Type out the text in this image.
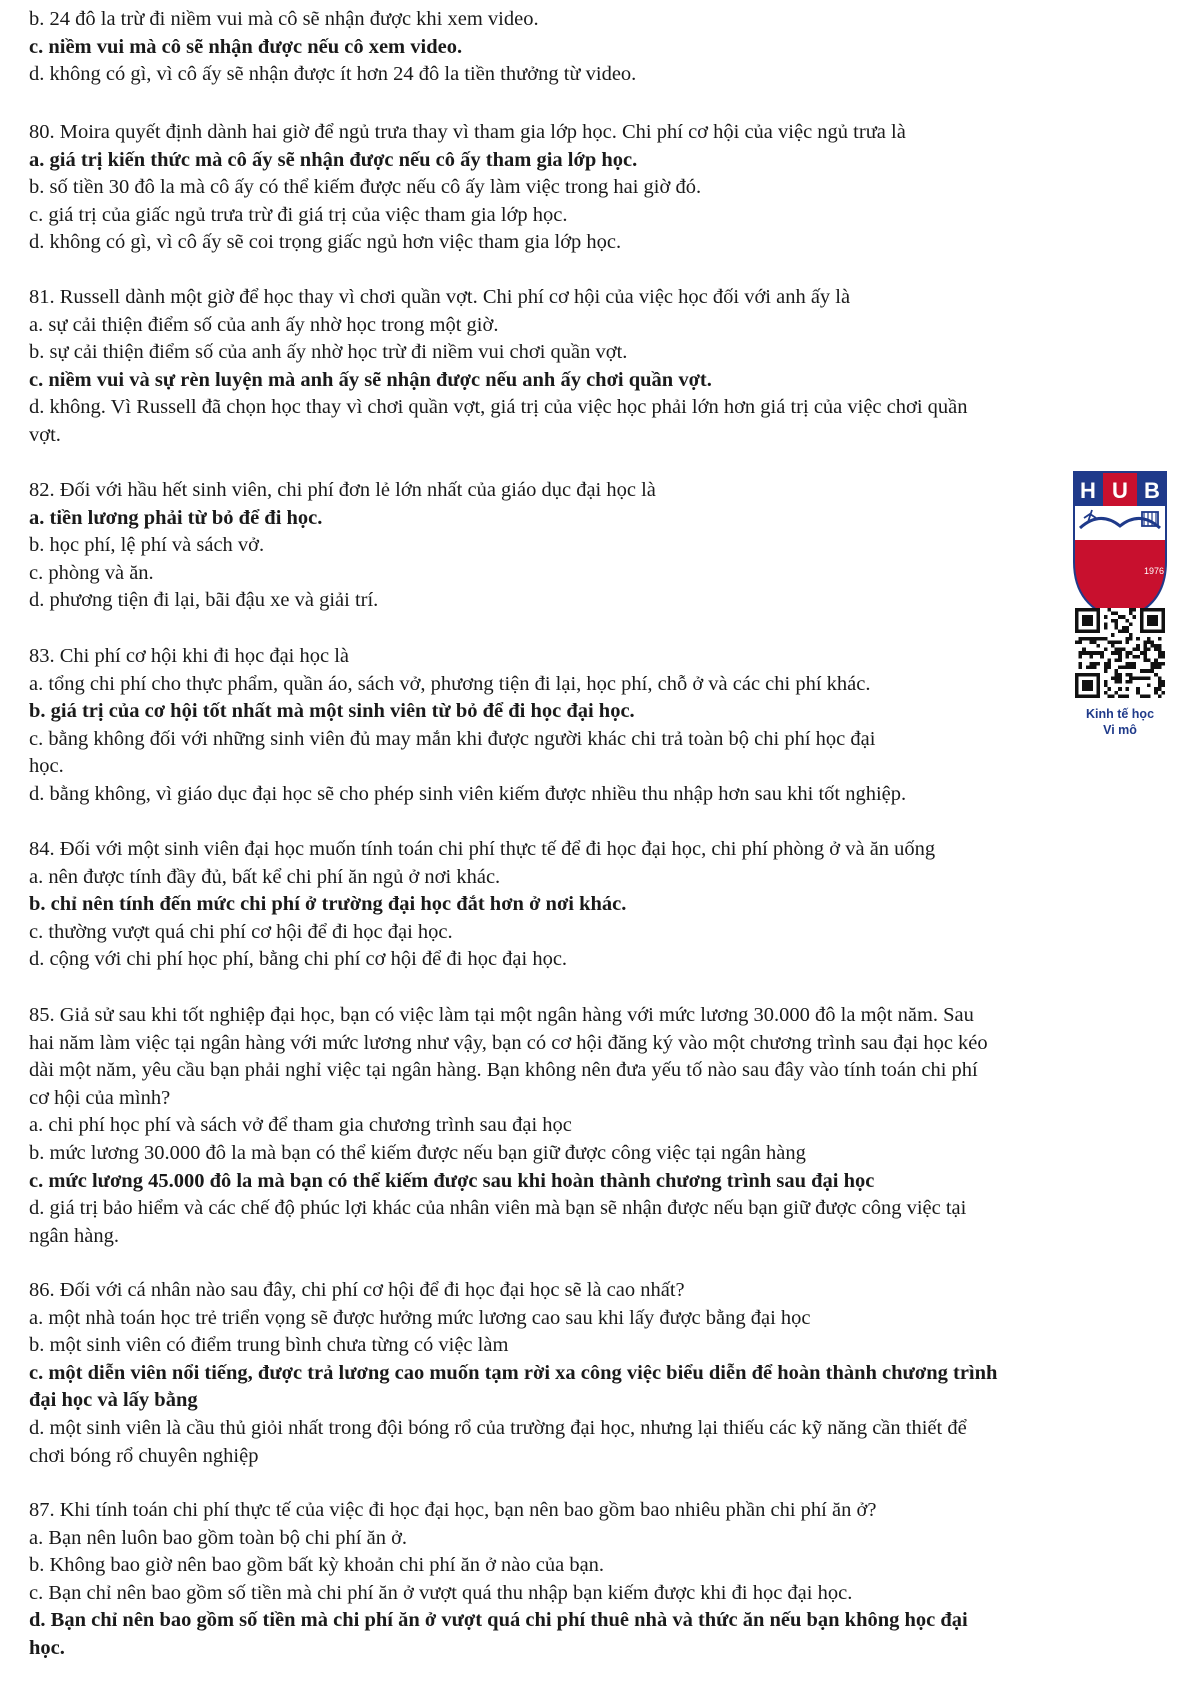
b. 24 đô la trừ đi niềm vui mà cô sẽ nhận được khi xem video.
c. niềm vui mà cô sẽ nhận được nếu cô xem video.
d. không có gì, vì cô ấy sẽ nhận được ít hơn 24 đô la tiền thưởng từ video.
80. Moira quyết định dành hai giờ để ngủ trưa thay vì tham gia lớp học. Chi phí cơ hội của việc ngủ trưa là
a. giá trị kiến thức mà cô ấy sẽ nhận được nếu cô ấy tham gia lớp học.
b. số tiền 30 đô la mà cô ấy có thể kiếm được nếu cô ấy làm việc trong hai giờ đó.
c. giá trị của giấc ngủ trưa trừ đi giá trị của việc tham gia lớp học.
d. không có gì, vì cô ấy sẽ coi trọng giấc ngủ hơn việc tham gia lớp học.
81. Russell dành một giờ để học thay vì chơi quần vợt. Chi phí cơ hội của việc học đối với anh ấy là
a. sự cải thiện điểm số của anh ấy nhờ học trong một giờ.
b. sự cải thiện điểm số của anh ấy nhờ học trừ đi niềm vui chơi quần vợt.
c. niềm vui và sự rèn luyện mà anh ấy sẽ nhận được nếu anh ấy chơi quần vợt.
d. không. Vì Russell đã chọn học thay vì chơi quần vợt, giá trị của việc học phải lớn hơn giá trị của việc chơi quần
vợt.
82. Đối với hầu hết sinh viên, chi phí đơn lẻ lớn nhất của giáo dục đại học là
a. tiền lương phải từ bỏ để đi học.
b. học phí, lệ phí và sách vở.
c. phòng và ăn.
d. phương tiện đi lại, bãi đậu xe và giải trí.
83. Chi phí cơ hội khi đi học đại học là
a. tổng chi phí cho thực phẩm, quần áo, sách vở, phương tiện đi lại, học phí, chỗ ở và các chi phí khác.
b. giá trị của cơ hội tốt nhất mà một sinh viên từ bỏ để đi học đại học.
c. bằng không đối với những sinh viên đủ may mắn khi được người khác chi trả toàn bộ chi phí học đại
học.
d. bằng không, vì giáo dục đại học sẽ cho phép sinh viên kiếm được nhiều thu nhập hơn sau khi tốt nghiệp.
84. Đối với một sinh viên đại học muốn tính toán chi phí thực tế để đi học đại học, chi phí phòng ở và ăn uống
a. nên được tính đầy đủ, bất kể chi phí ăn ngủ ở nơi khác.
b. chỉ nên tính đến mức chi phí ở trường đại học đắt hơn ở nơi khác.
c. thường vượt quá chi phí cơ hội để đi học đại học.
d. cộng với chi phí học phí, bằng chi phí cơ hội để đi học đại học.
85. Giả sử sau khi tốt nghiệp đại học, bạn có việc làm tại một ngân hàng với mức lương 30.000 đô la một năm. Sau
hai năm làm việc tại ngân hàng với mức lương như vậy, bạn có cơ hội đăng ký vào một chương trình sau đại học kéo
dài một năm, yêu cầu bạn phải nghỉ việc tại ngân hàng. Bạn không nên đưa yếu tố nào sau đây vào tính toán chi phí
cơ hội của mình?
a. chi phí học phí và sách vở để tham gia chương trình sau đại học
b. mức lương 30.000 đô la mà bạn có thể kiếm được nếu bạn giữ được công việc tại ngân hàng
c. mức lương 45.000 đô la mà bạn có thể kiếm được sau khi hoàn thành chương trình sau đại học
d. giá trị bảo hiểm và các chế độ phúc lợi khác của nhân viên mà bạn sẽ nhận được nếu bạn giữ được công việc tại
ngân hàng.
86. Đối với cá nhân nào sau đây, chi phí cơ hội để đi học đại học sẽ là cao nhất?
a. một nhà toán học trẻ triển vọng sẽ được hưởng mức lương cao sau khi lấy được bằng đại học
b. một sinh viên có điểm trung bình chưa từng có việc làm
c. một diễn viên nổi tiếng, được trả lương cao muốn tạm rời xa công việc biểu diễn để hoàn thành chương trình
đại học và lấy bằng
d. một sinh viên là cầu thủ giỏi nhất trong đội bóng rổ của trường đại học, nhưng lại thiếu các kỹ năng cần thiết để
chơi bóng rổ chuyên nghiệp
87. Khi tính toán chi phí thực tế của việc đi học đại học, bạn nên bao gồm bao nhiêu phần chi phí ăn ở?
a. Bạn nên luôn bao gồm toàn bộ chi phí ăn ở.
b. Không bao giờ nên bao gồm bất kỳ khoản chi phí ăn ở nào của bạn.
c. Bạn chỉ nên bao gồm số tiền mà chi phí ăn ở vượt quá thu nhập bạn kiếm được khi đi học đại học.
d. Bạn chỉ nên bao gồm số tiền mà chi phí ăn ở vượt quá chi phí thuê nhà và thức ăn nếu bạn không học đại
học.
H U B
1976
Kinh tế học
Vi mô
